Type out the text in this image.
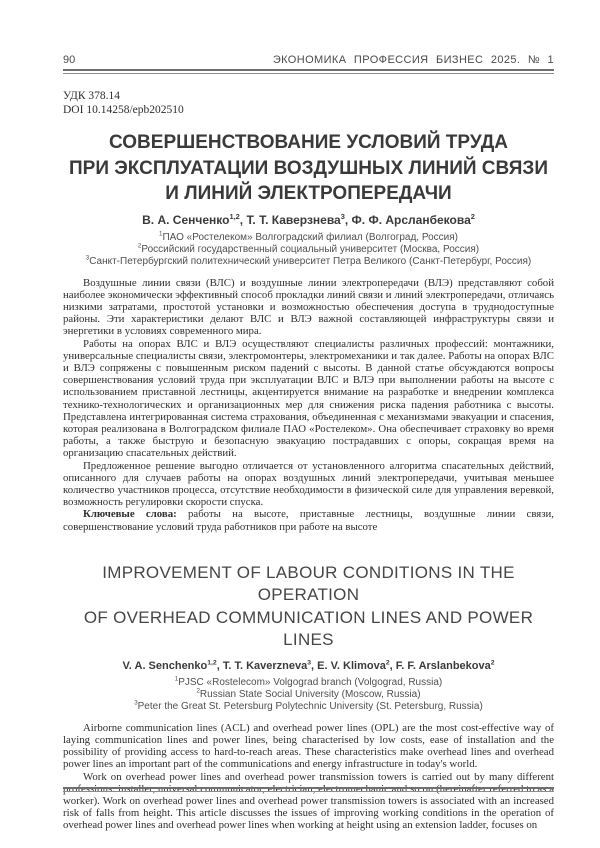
90	ЭКОНОМИКА ПРОФЕССИЯ БИЗНЕС 2025. № 1
УДК 378.14
DOI 10.14258/epb202510
СОВЕРШЕНСТВОВАНИЕ УСЛОВИЙ ТРУДА
ПРИ ЭКСПЛУАТАЦИИ ВОЗДУШНЫХ ЛИНИЙ СВЯЗИ
И ЛИНИЙ ЭЛЕКТРОПЕРЕДАЧИ
В. А. Сенченко$^{1,2}$, Т. Т. Каверзнева$^3$, Ф. Ф. Арсланбекова$^2$
$^1$ПАО «Ростелеком» Волгоградский филиал (Волгоград, Россия)
$^2$Российский государственный социальный университет (Москва, Россия)
$^3$Санкт-Петербургский политехнический университет Петра Великого (Санкт-Петербург, Россия)

Воздушные линии связи (ВЛС) и воздушные линии электропередачи (ВЛЭ) представляют собой наиболее экономически эффективный способ прокладки линий связи и линий электропередачи, отличаясь низкими затратами, простотой установки и возможностью обеспечения доступа в труднодоступные районы. Эти характеристики делают ВЛС и ВЛЭ важной составляющей инфраструктуры связи и энергетики в условиях современного мира.

Работы на опорах ВЛС и ВЛЭ осуществляют специалисты различных профессий: монтажники, универсальные специалисты связи, электромонтеры, электромеханики и так далее. Работы на опорах ВЛС и ВЛЭ сопряжены с повышенным риском падений с высоты. В данной статье обсуждаются вопросы совершенствования условий труда при эксплуатации ВЛС и ВЛЭ при выполнении работы на высоте с использованием приставной лестницы, акцентируется внимание на разработке и внедрении комплекса технико-технологических и организационных мер для снижения риска падения работника с высоты. Представлена интегрированная система страхования, объединенная с механизмами эвакуации и спасения, которая реализована в Волгоградском филиале ПАО «Ростелеком». Она обеспечивает страховку во время работы, а также быструю и безопасную эвакуацию пострадавших с опоры, сокращая время на организацию спасательных действий.

Предложенное решение выгодно отличается от установленного алгоритма спасательных действий, описанного для случаев работы на опорах воздушных линий электропередачи, учитывая меньшее количество участников процесса, отсутствие необходимости в физической силе для управления веревкой, возможность регулировки скорости спуска.

Ключевые слова: работы на высоте, приставные лестницы, воздушные линии связи, совершенствование условий труда работников при работе на высоте

IMPROVEMENT OF LABOUR CONDITIONS IN THE OPERATION
OF OVERHEAD COMMUNICATION LINES AND POWER LINES
V. A. Senchenko$^{1,2}$, T. T. Kaverzneva$^3$, E. V. Klimova$^2$, F. F. Arslanbekova$^2$
$^1$PJSC «Rostelecom» Volgograd branch (Volgograd, Russia)
$^2$Russian State Social University (Moscow, Russia)
$^3$Peter the Great St. Petersburg Polytechnic University (St. Petersburg, Russia)

Airborne communication lines (ACL) and overhead power lines (OPL) are the most cost-effective way of laying communication lines and power lines, being characterised by low costs, ease of installation and the possibility of providing access to hard-to-reach areas. These characteristics make overhead lines and overhead power lines an important part of the communications and energy infrastructure in today's world.

Work on overhead power lines and overhead power transmission towers is carried out by many different professions: installer, universal communicator, electrician, electromechanic and so on (hereinafter referred to as a worker). Work on overhead power lines and overhead power transmission towers is associated with an increased risk of falls from height. This article discusses the issues of improving working conditions in the operation of overhead power lines and overhead power lines when working at height using an extension ladder, focuses on
